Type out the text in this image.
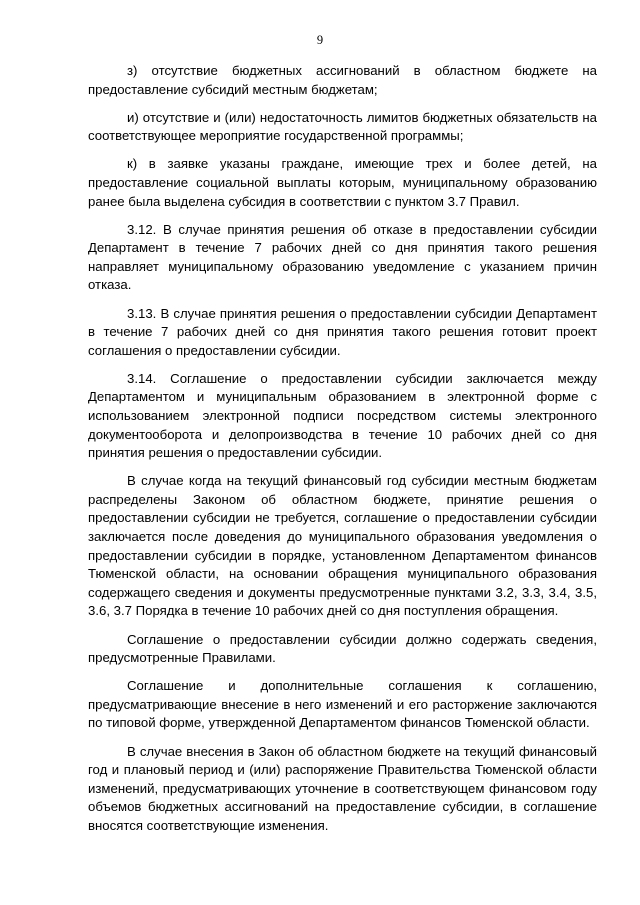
9

з) отсутствие бюджетных ассигнований в областном бюджете на предоставление субсидий местным бюджетам;

и) отсутствие и (или) недостаточность лимитов бюджетных обязательств на соответствующее мероприятие государственной программы;

к) в заявке указаны граждане, имеющие трех и более детей, на предоставление социальной выплаты которым, муниципальному образованию ранее была выделена субсидия в соответствии с пунктом 3.7 Правил.

3.12. В случае принятия решения об отказе в предоставлении субсидии Департамент в течение 7 рабочих дней со дня принятия такого решения направляет муниципальному образованию уведомление с указанием причин отказа.

3.13. В случае принятия решения о предоставлении субсидии Департамент в течение 7 рабочих дней со дня принятия такого решения готовит проект соглашения о предоставлении субсидии.

3.14. Соглашение о предоставлении субсидии заключается между Департаментом и муниципальным образованием в электронной форме с использованием электронной подписи посредством системы электронного документооборота и делопроизводства в течение 10 рабочих дней со дня принятия решения о предоставлении субсидии.

В случае когда на текущий финансовый год субсидии местным бюджетам распределены Законом об областном бюджете, принятие решения о предоставлении субсидии не требуется, соглашение о предоставлении субсидии заключается после доведения до муниципального образования уведомления о предоставлении субсидии в порядке, установленном Департаментом финансов Тюменской области, на основании обращения муниципального образования содержащего сведения и документы предусмотренные пунктами 3.2, 3.3, 3.4, 3.5, 3.6, 3.7 Порядка в течение 10 рабочих дней со дня поступления обращения.

Соглашение о предоставлении субсидии должно содержать сведения, предусмотренные Правилами.

Соглашение и дополнительные соглашения к соглашению, предусматривающие внесение в него изменений и его расторжение заключаются по типовой форме, утвержденной Департаментом финансов Тюменской области.

В случае внесения в Закон об областном бюджете на текущий финансовый год и плановый период и (или) распоряжение Правительства Тюменской области изменений, предусматривающих уточнение в соответствующем финансовом году объемов бюджетных ассигнований на предоставление субсидии, в соглашение вносятся соответствующие изменения.
